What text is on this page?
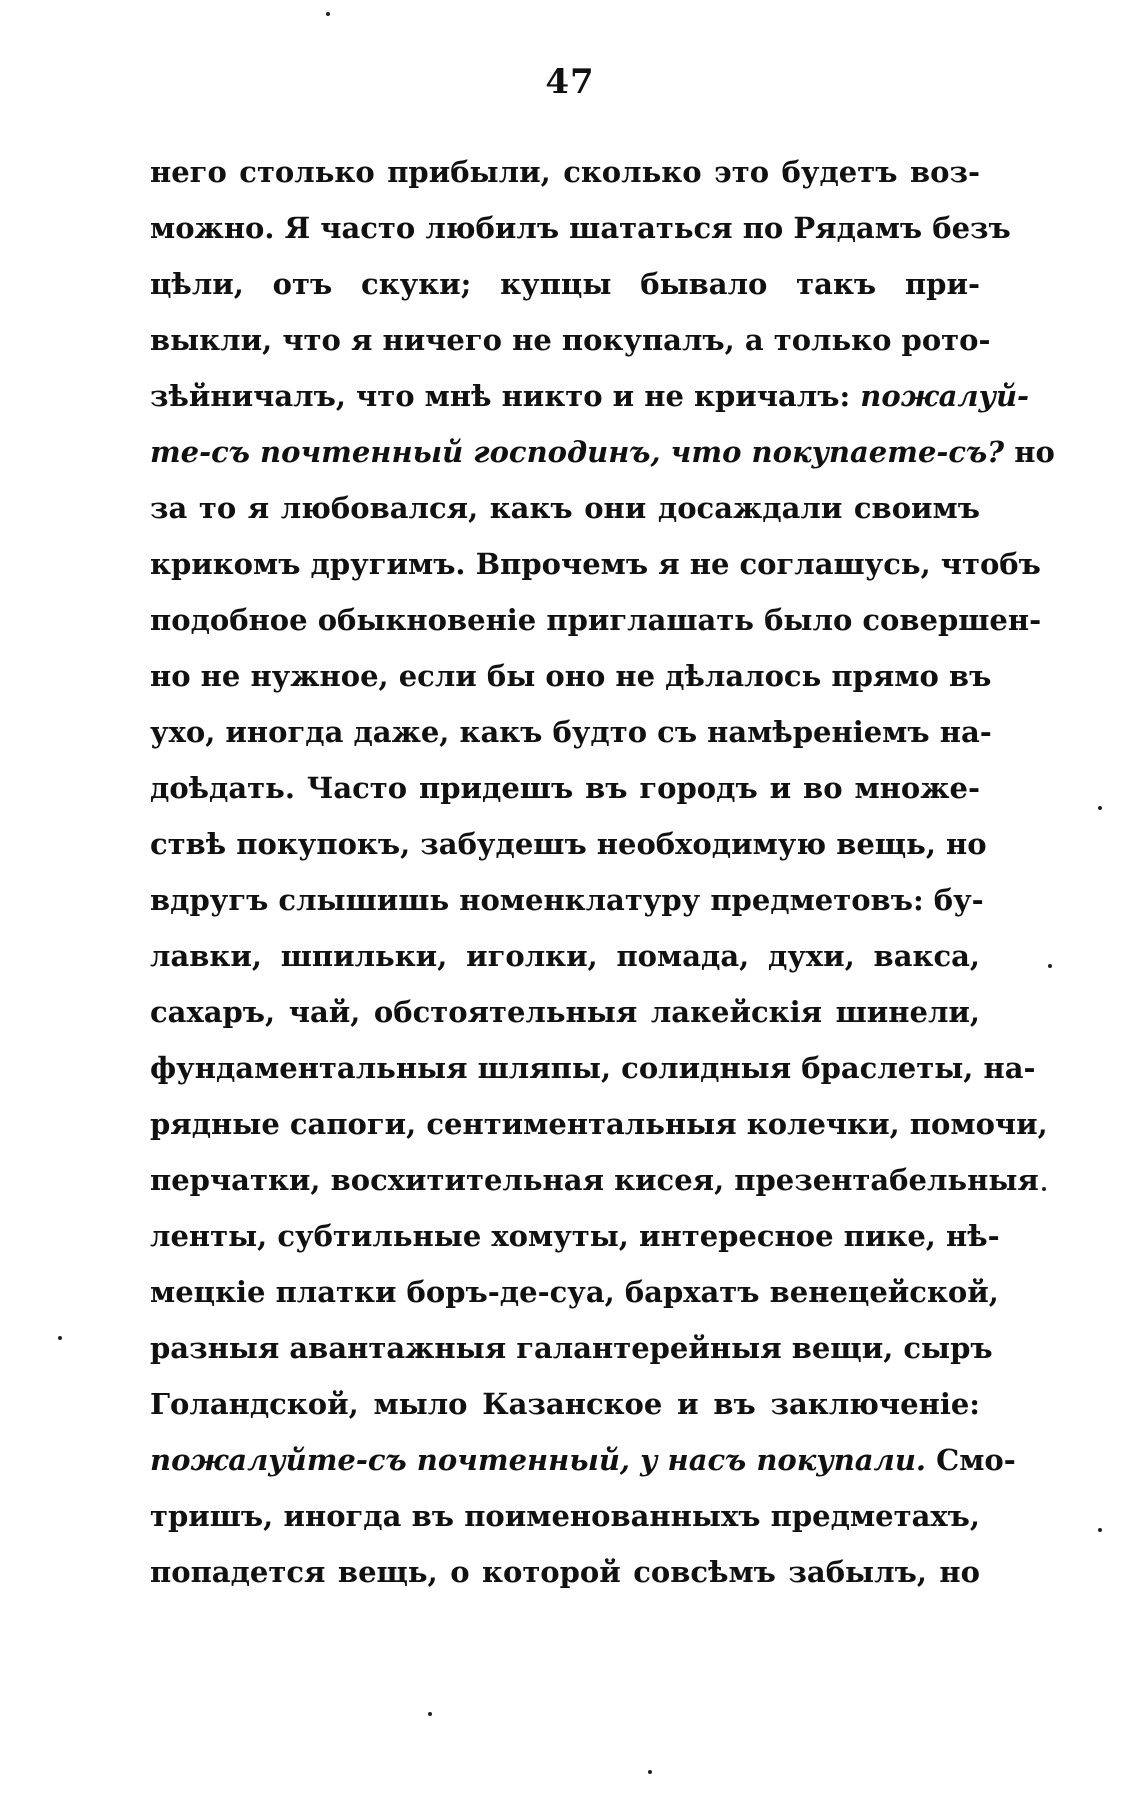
47
него столько прибыли, сколько это будетъ воз-
можно. Я часто любилъ шататься по Рядамъ безъ
цѣли, отъ скуки; купцы бывало такъ при-
выкли, что я ничего не покупалъ, а только рото-
зѣйничалъ, что мнѣ никто и не кричалъ: пожалуй-
те-съ почтенный господинъ, что покупаете-съ? но
за то я любовался, какъ они досаждали своимъ
крикомъ другимъ. Впрочемъ я не соглашусь, чтобъ
подобное обыкновеніе приглашать было совершен-
но не нужное, если бы оно не дѣлалось прямо въ
ухо, иногда даже, какъ будто съ намѣреніемъ на-
доѣдать. Часто придешъ въ городъ и во множе-
ствѣ покупокъ, забудешъ необходимую вещь, но
вдругъ слышишь номенклатуру предметовъ: бу-
лавки, шпильки, иголки, помада, духи, вакса,
сахаръ, чай, обстоятельныя лакейскія шинели,
фундаментальныя шляпы, солидныя браслеты, на-
рядные сапоги, сентиментальныя колечки, помочи,
перчатки, восхитительная кисея, презентабельныя
ленты, субтильные хомуты, интересное пике, нѣ-
мецкіе платки боръ-де-суа, бархатъ венецейской,
разныя авантажныя галантерейныя вещи, сыръ
Голандской, мыло Казанское и въ заключеніе:
пожалуйте-съ почтенный, у насъ покупали. Смо-
тришъ, иногда въ поименованныхъ предметахъ,
попадется вещь, о которой совсѣмъ забылъ, но
